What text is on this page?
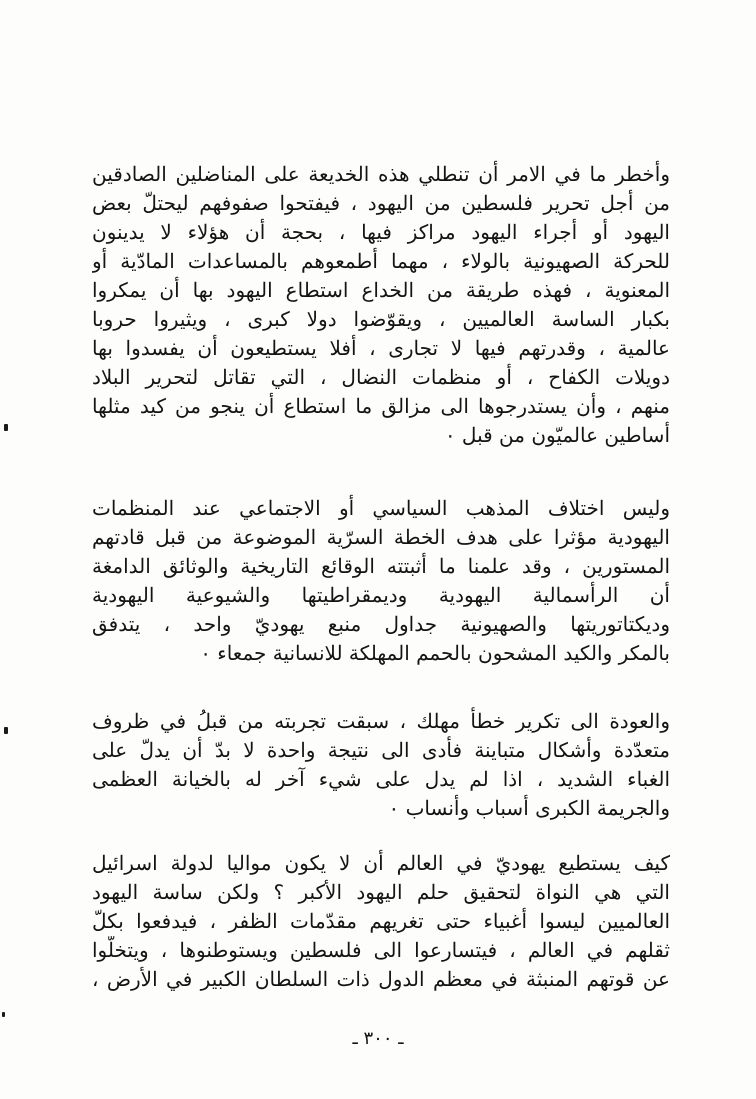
وأخطر ما في الامر أن تنطلي هذه الخديعة على المناضلين الصادقين
من أجل تحرير فلسطين من اليهود ، فيفتحوا صفوفهم ليحتلّ بعض
اليهود أو أجراء اليهود مراكز فيها ، بحجة أن هؤلاء لا يدينون
للحركة الصهيونية بالولاء ، مهما أطمعوهم بالمساعدات المادّية أو
المعنوية ، فهذه طريقة من الخداع استطاع اليهود بها أن يمكروا
بكبار الساسة العالميين ، ويقوّضوا دولا كبرى ، ويثيروا حروبا
عالمية ، وقدرتهم فيها لا تجارى ، أفلا يستطيعون أن يفسدوا بها
دويلات الكفاح ، أو منظمات النضال ، التي تقاتل لتحرير البلاد
منهم ، وأن يستدرجوها الى مزالق ما استطاع أن ينجو من كيد مثلها
أساطين عالميّون من قبل ٠
وليس اختلاف المذهب السياسي أو الاجتماعي عند المنظمات
اليهودية مؤثرا على هدف الخطة السرّية الموضوعة من قبل قادتهم
المستورين ، وقد علمنا ما أثبتته الوقائع التاريخية والوثائق الدامغة
أن الرأسمالية اليهودية وديمقراطيتها والشيوعية اليهودية
وديكتاتوريتها والصهيونية جداول منبع يهوديّ واحد ، يتدفق
بالمكر والكيد المشحون بالحمم المهلكة للانسانية جمعاء ٠
والعودة الى تكرير خطأ مهلك ، سبقت تجربته من قبلُ في ظروف
متعدّدة وأشكال متباينة فأدى الى نتيجة واحدة لا بدّ أن يدلّ على
الغباء الشديد ، اذا لم يدل على شيء آخر له بالخيانة العظمى
والجريمة الكبرى أسباب وأنساب ٠
كيف يستطيع يهوديّ في العالم أن لا يكون مواليا لدولة اسرائيل
التي هي النواة لتحقيق حلم اليهود الأكبر ؟ ولكن ساسة اليهود
العالميين ليسوا أغبياء حتى تغريهم مقدّمات الظفر ، فيدفعوا بكلّ
ثقلهم في العالم ، فيتسارعوا الى فلسطين ويستوطنوها ، ويتخلّوا
عن قوتهم المنبثة في معظم الدول ذات السلطان الكبير في الأرض ،
ـ ٣٠٠ ـ
